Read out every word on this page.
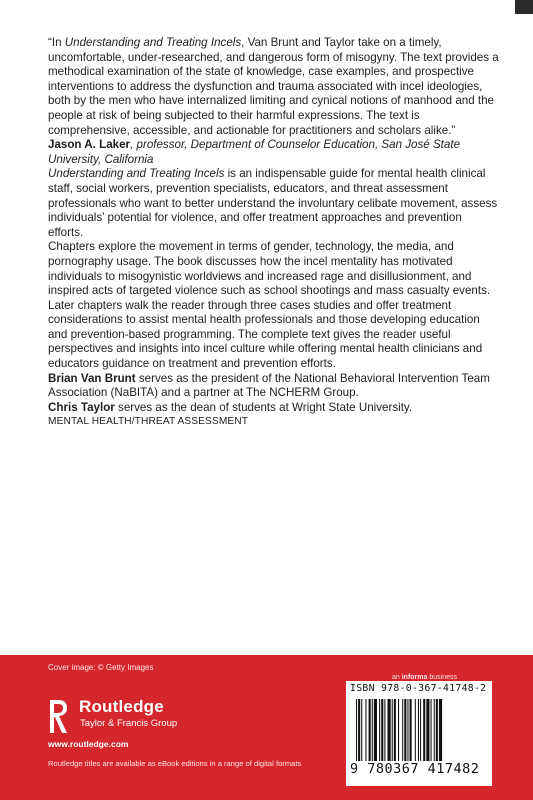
“In Understanding and Treating Incels, Van Brunt and Taylor take on a timely, uncomfortable, under-researched, and dangerous form of misogyny. The text provides a methodical examination of the state of knowledge, case examples, and prospective interventions to address the dysfunction and trauma associated with incel ideologies, both by the men who have internalized limiting and cynical notions of manhood and the people at risk of being subjected to their harmful expressions. The text is comprehensive, accessible, and actionable for practitioners and scholars alike.”

Jason A. Laker, professor, Department of Counselor Education, San José State University, California

Understanding and Treating Incels is an indispensable guide for mental health clinical staff, social workers, prevention specialists, educators, and threat assessment professionals who want to better understand the involuntary celibate movement, assess individuals’ potential for violence, and offer treatment approaches and prevention efforts.

Chapters explore the movement in terms of gender, technology, the media, and pornography usage. The book discusses how the incel mentality has motivated individuals to misogynistic worldviews and increased rage and disillusionment, and inspired acts of targeted violence such as school shootings and mass casualty events. Later chapters walk the reader through three cases studies and offer treatment considerations to assist mental health professionals and those developing education and prevention-based programming. The complete text gives the reader useful perspectives and insights into incel culture while offering mental health clinicians and educators guidance on treatment and prevention efforts.

Brian Van Brunt serves as the president of the National Behavioral Intervention Team Association (NaBITA) and a partner at The NCHERM Group.

Chris Taylor serves as the dean of students at Wright State University.

MENTAL HEALTH/THREAT ASSESSMENT

Cover image: © Getty Images
an informa business
Routledge
Taylor & Francis Group
www.routledge.com
Routledge titles are available as eBook editions in a range of digital formats
ISBN 978-0-367-41748-2
9 780367 417482
